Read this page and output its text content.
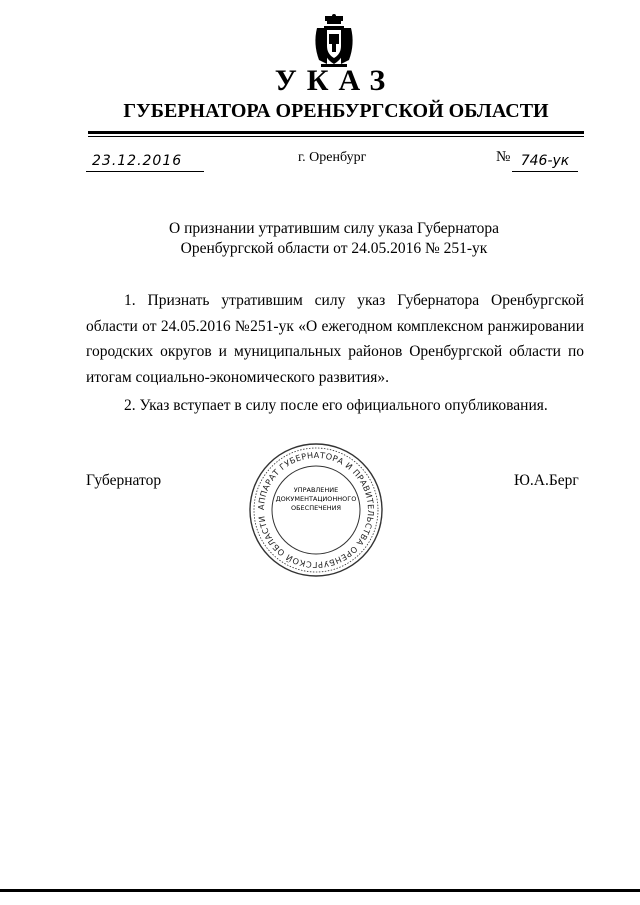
УКАЗ
ГУБЕРНАТОРА ОРЕНБУРГСКОЙ ОБЛАСТИ
23.12.2016	г. Оренбург	№ 746-ук
О признании утратившим силу указа Губернатора
Оренбургской области от 24.05.2016 № 251-ук

1. Признать утратившим силу указ Губернатора Оренбургской области от 24.05.2016 №251-ук «О ежегодном комплексном ранжировании городских округов и муниципальных районов Оренбургской области по итогам социально-экономического развития».

2. Указ вступает в силу после его официального опубликования.

Губернатор	Ю.А.Берг
АППАРАТ ГУБЕРНАТОРА И ПРАВИТЕЛЬСТВА ОРЕНБУРГСКОЙ ОБЛАСТИ
УПРАВЛЕНИЕ
ДОКУМЕНТАЦИОННОГО
ОБЕСПЕЧЕНИЯ
